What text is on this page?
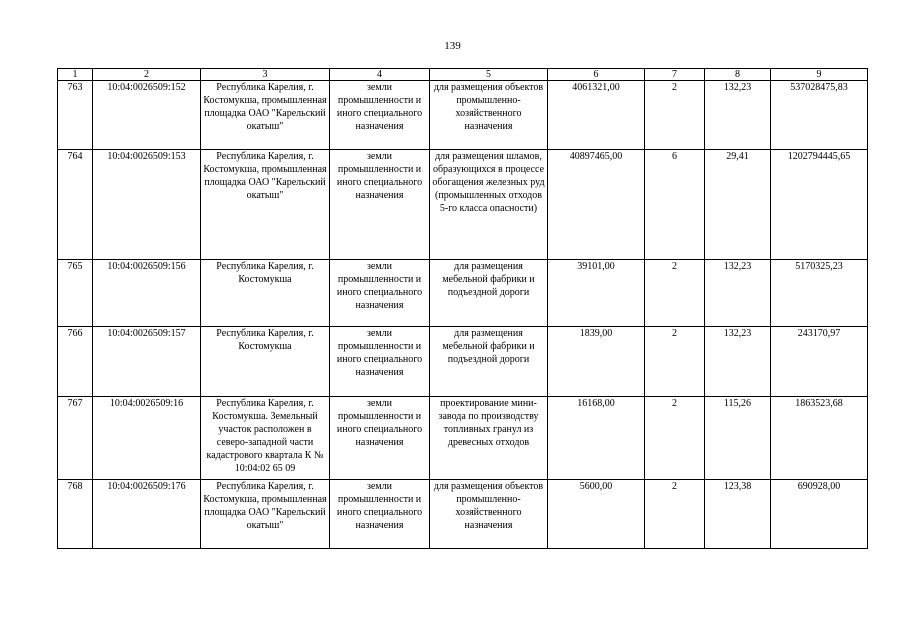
139
1	2	3	4	5	6	7	8	9
763	10:04:0026509:152	Республика Карелия, г. Костомукша, промышленная площадка ОАО "Карельский окатыш"	земли промышленности и иного специального назначения	для размещения объектов промышленно-хозяйственного назначения	4061321,00	2	132,23	537028475,83
764	10:04:0026509:153	Республика Карелия, г. Костомукша, промышленная площадка ОАО "Карельский окатыш"	земли промышленности и иного специального назначения	для размещения шламов, образующихся в процессе обогащения железных руд (промышленных отходов 5-го класса опасности)	40897465,00	6	29,41	1202794445,65
765	10:04:0026509:156	Республика Карелия, г. Костомукша	земли промышленности и иного специального назначения	для размещения мебельной фабрики и подъездной дороги	39101,00	2	132,23	5170325,23
766	10:04:0026509:157	Республика Карелия, г. Костомукша	земли промышленности и иного специального назначения	для размещения мебельной фабрики и подъездной дороги	1839,00	2	132,23	243170,97
767	10:04:0026509:16	Республика Карелия, г. Костомукша. Земельный участок расположен в северо-западной части кадастрового квартала К № 10:04:02 65 09	земли промышленности и иного специального назначения	проектирование мини-завода по производству топливных гранул из древесных отходов	16168,00	2	115,26	1863523,68
768	10:04:0026509:176	Республика Карелия, г. Костомукша, промышленная площадка ОАО "Карельский окатыш"	земли промышленности и иного специального назначения	для размещения объектов промышленно-хозяйственного назначения	5600,00	2	123,38	690928,00
